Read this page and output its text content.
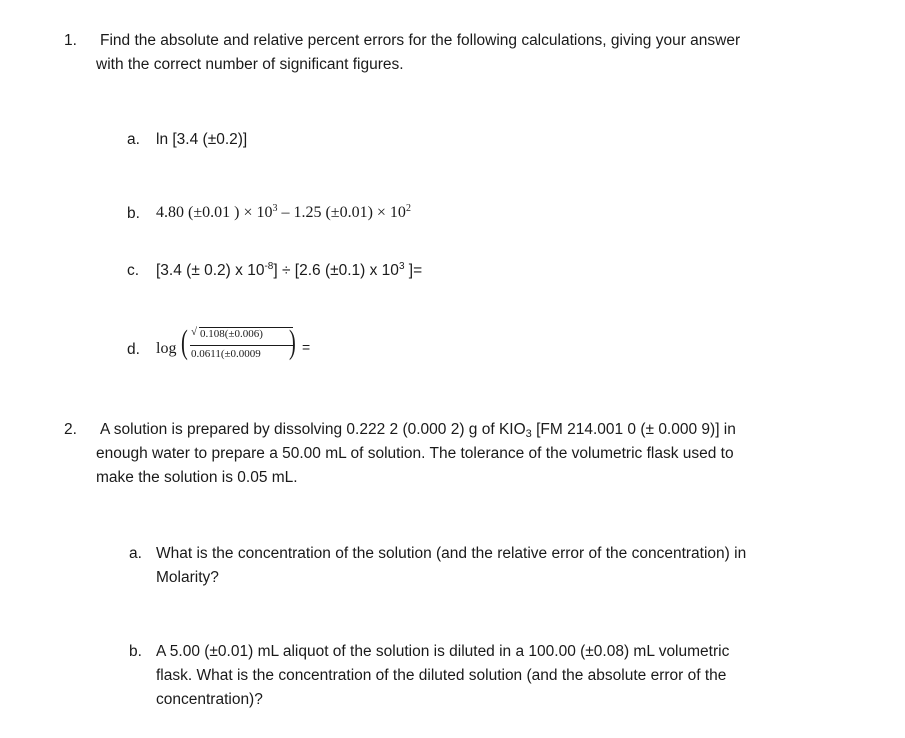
1. Find the absolute and relative percent errors for the following calculations, giving your answer
with the correct number of significant figures.
a. ln [3.4 (±0.2)]
b. 4.80 (±0.01 ) × $10^3 - 1.25$ $(\pm 0.01) \times 10^2$
c. [3.4 (± 0.2) x $10^{-8}] \div [2.6$ (±0.1) x $10^3$ ]=
d. log ( √ 0.108(±0.006)
0.0611(±0.0009 ) =
2. A solution is prepared by dissolving 0.222 2 (0.000 2) g of KIO3 [FM 214.001 0 (± 0.000 9)] in
enough water to prepare a 50.00 mL of solution. The tolerance of the volumetric flask used to
make the solution is 0.05 mL.
a. What is the concentration of the solution (and the relative error of the concentration) in
Molarity?
b. A 5.00 (±0.01) mL aliquot of the solution is diluted in a 100.00 (±0.08) mL volumetric
flask. What is the concentration of the diluted solution (and the absolute error of the
concentration)?
